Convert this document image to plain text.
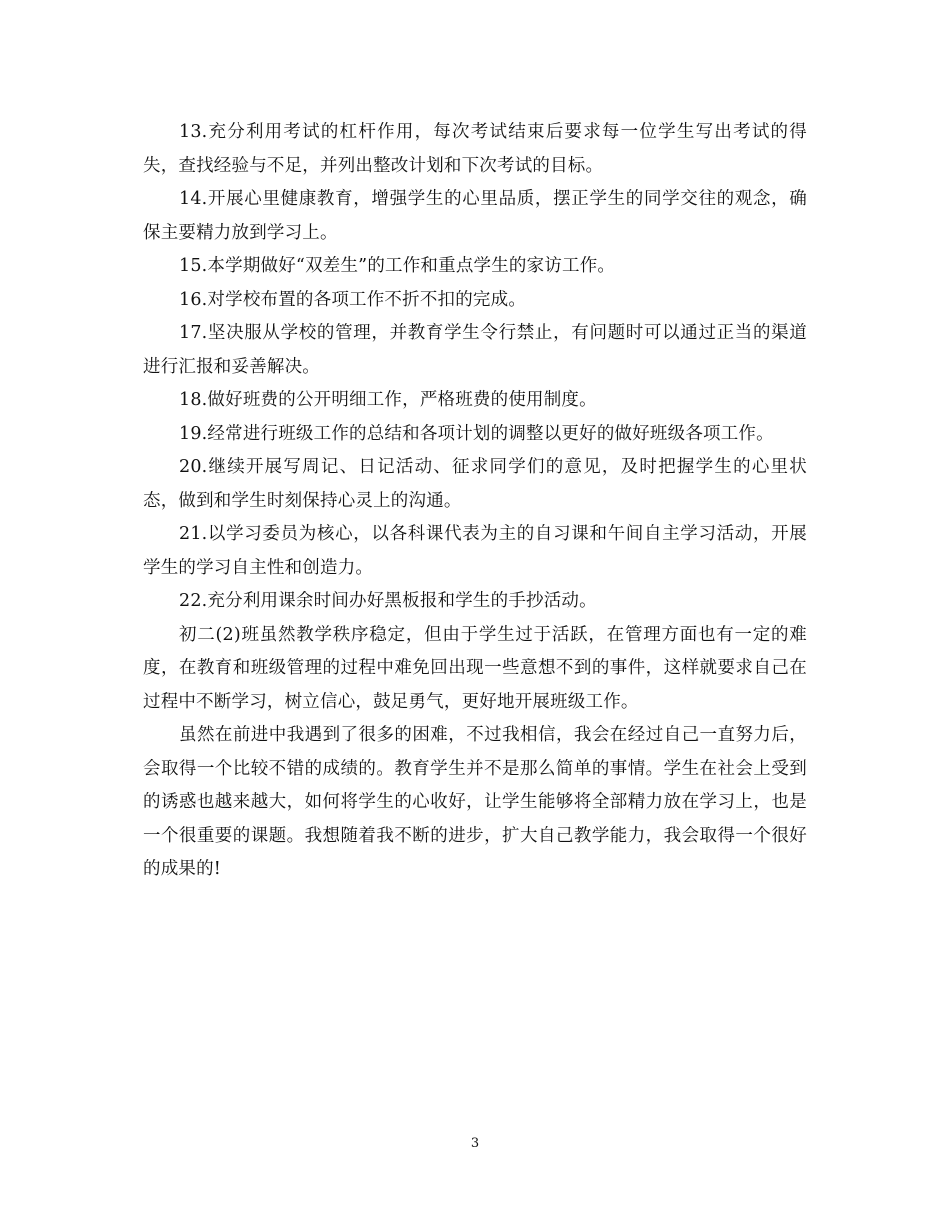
13.充分利用考试的杠杆作用，每次考试结束后要求每一位学生写出考试的得失，查找经验与不足，并列出整改计划和下次考试的目标。

14.开展心里健康教育，增强学生的心里品质，摆正学生的同学交往的观念，确保主要精力放到学习上。

15.本学期做好“双差生”的工作和重点学生的家访工作。

16.对学校布置的各项工作不折不扣的完成。

17.坚决服从学校的管理，并教育学生令行禁止，有问题时可以通过正当的渠道进行汇报和妥善解决。

18.做好班费的公开明细工作，严格班费的使用制度。

19.经常进行班级工作的总结和各项计划的调整以更好的做好班级各项工作。

20.继续开展写周记、日记活动、征求同学们的意见，及时把握学生的心里状态，做到和学生时刻保持心灵上的沟通。

21.以学习委员为核心，以各科课代表为主的自习课和午间自主学习活动，开展学生的学习自主性和创造力。

22.充分利用课余时间办好黑板报和学生的手抄活动。

初二(2)班虽然教学秩序稳定，但由于学生过于活跃，在管理方面也有一定的难度，在教育和班级管理的过程中难免回出现一些意想不到的事件，这样就要求自己在过程中不断学习，树立信心，鼓足勇气，更好地开展班级工作。

虽然在前进中我遇到了很多的困难，不过我相信，我会在经过自己一直努力后，会取得一个比较不错的成绩的。教育学生并不是那么简单的事情。学生在社会上受到的诱惑也越来越大，如何将学生的心收好，让学生能够将全部精力放在学习上，也是一个很重要的课题。我想随着我不断的进步，扩大自己教学能力，我会取得一个很好的成果的!

3
